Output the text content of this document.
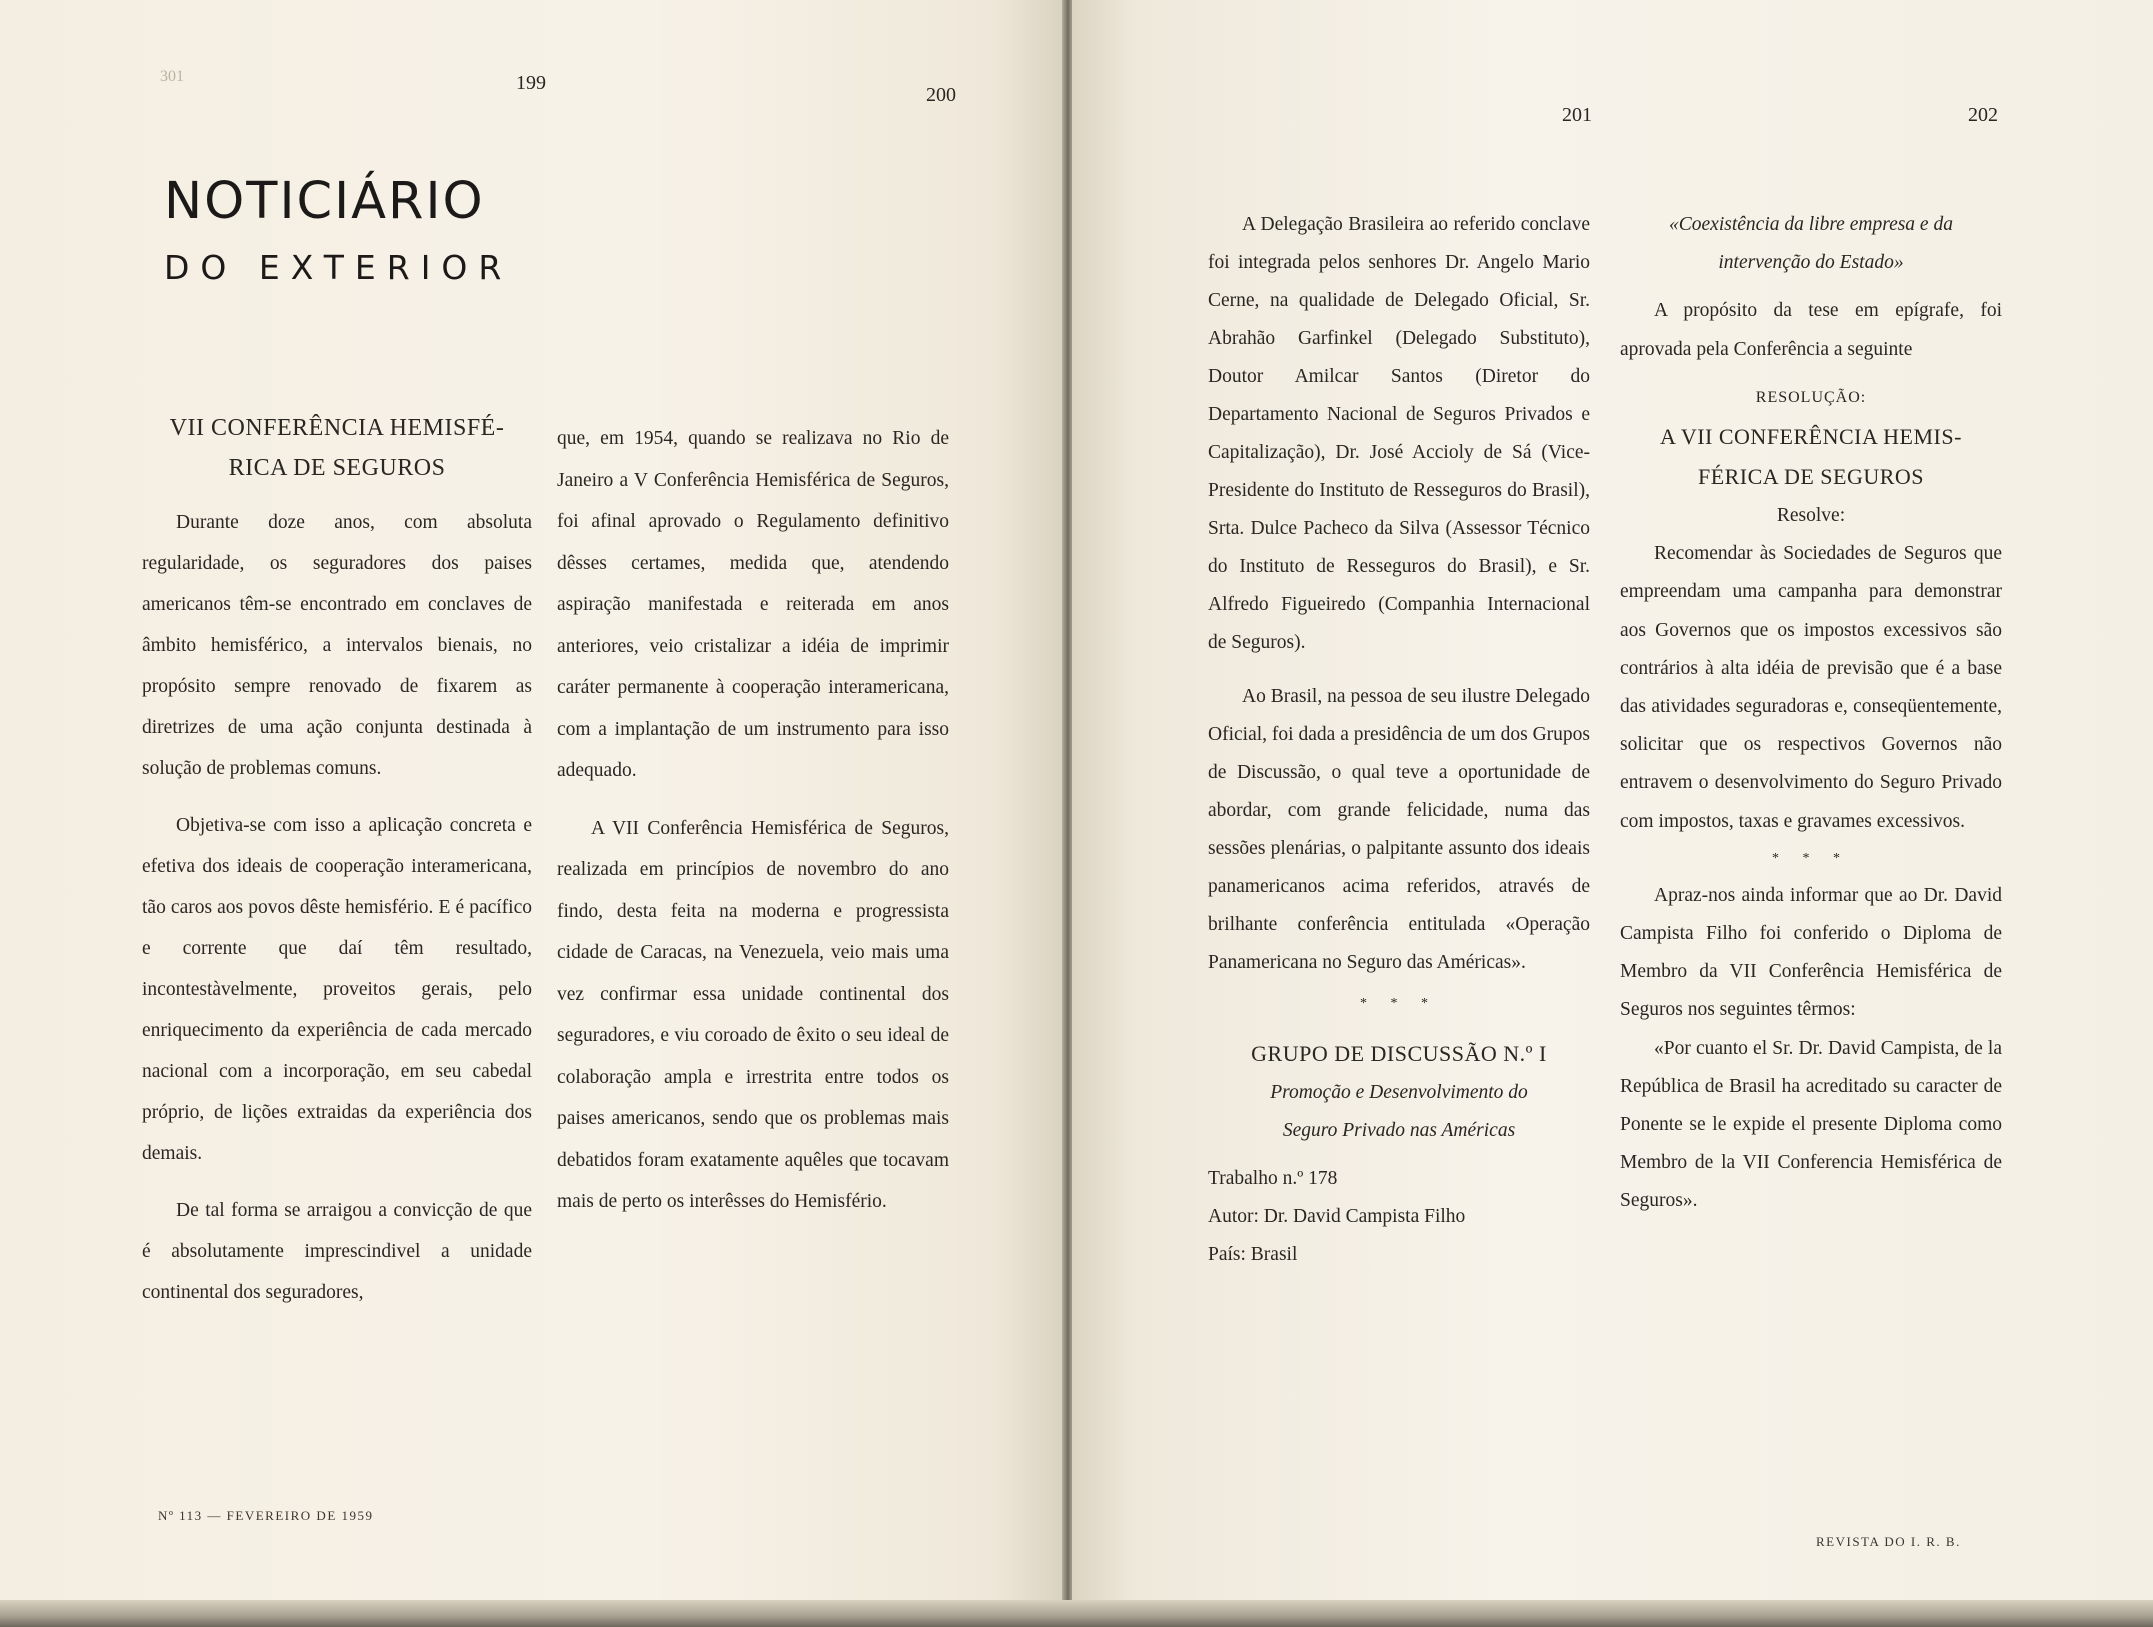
301	199
200
NOTICIÁRIO
DO EXTERIOR
VII CONFERÊNCIA HEMISFÉ-
RICA DE SEGUROS

Durante doze anos, com absoluta regularidade, os seguradores dos paises americanos têm-se encontrado em conclaves de âmbito hemisférico, a intervalos bienais, no propósito sempre renovado de fixarem as diretrizes de uma ação conjunta destinada à solução de problemas comuns.

Objetiva-se com isso a aplicação concreta e efetiva dos ideais de cooperação interamericana, tão caros aos povos dêste hemisfério. E é pacífico e corrente que daí têm resultado, incontestàvelmente, proveitos gerais, pelo enriquecimento da experiência de cada mercado nacional com a incorporação, em seu cabedal próprio, de lições extraidas da experiência dos demais.

De tal forma se arraigou a convicção de que é absolutamente imprescindivel a unidade continental dos seguradores,

que, em 1954, quando se realizava no Rio de Janeiro a V Conferência Hemisférica de Seguros, foi afinal aprovado o Regulamento definitivo dêsses certames, medida que, atendendo aspiração manifestada e reiterada em anos anteriores, veio cristalizar a idéia de imprimir caráter permanente à cooperação interamericana, com a implantação de um instrumento para isso adequado.

A VII Conferência Hemisférica de Seguros, realizada em princípios de novembro do ano findo, desta feita na moderna e progressista cidade de Caracas, na Venezuela, veio mais uma vez confirmar essa unidade continental dos seguradores, e viu coroado de êxito o seu ideal de colaboração ampla e irrestrita entre todos os paises americanos, sendo que os problemas mais debatidos foram exatamente aquêles que tocavam mais de perto os interêsses do Hemisfério.

Nº 113 — FEVEREIRO DE 1959
201	202
REVISTA DO I. R. B.

A Delegação Brasileira ao referido conclave foi integrada pelos senhores Dr. Angelo Mario Cerne, na qualidade de Delegado Oficial, Sr. Abrahão Garfinkel (Delegado Substituto), Doutor Amilcar Santos (Diretor do Departamento Nacional de Seguros Privados e Capitalização), Dr. José Accioly de Sá (Vice-Presidente do Instituto de Resseguros do Brasil), Srta. Dulce Pacheco da Silva (Assessor Técnico do Instituto de Resseguros do Brasil), e Sr. Alfredo Figueiredo (Companhia Internacional de Seguros).

Ao Brasil, na pessoa de seu ilustre Delegado Oficial, foi dada a presidência de um dos Grupos de Discussão, o qual teve a oportunidade de abordar, com grande felicidade, numa das sessões plenárias, o palpitante assunto dos ideais panamericanos acima referidos, através de brilhante conferência entitulada «Operação Panamericana no Seguro das Américas».

* * *
GRUPO DE DISCUSSÃO N.º I
Promoção e Desenvolvimento do
Seguro Privado nas Américas
Trabalho n.º 178
Autor: Dr. David Campista Filho
País: Brasil
«Coexistência da libre empresa e da
intervenção do Estado»

A propósito da tese em epígrafe, foi aprovada pela Conferência a seguinte

RESOLUÇÃO:
A VII CONFERÊNCIA HEMIS-
FÉRICA DE SEGUROS
Resolve:

Recomendar às Sociedades de Seguros que empreendam uma campanha para demonstrar aos Governos que os impostos excessivos são contrários à alta idéia de previsão que é a base das atividades seguradoras e, conseqüentemente, solicitar que os respectivos Governos não entravem o desenvolvimento do Seguro Privado com impostos, taxas e gravames excessivos.

* * *

Apraz-nos ainda informar que ao Dr. David Campista Filho foi conferido o Diploma de Membro da VII Conferência Hemisférica de Seguros nos seguintes têrmos:

«Por cuanto el Sr. Dr. David Campista, de la República de Brasil ha acreditado su caracter de Ponente se le expide el presente Diploma como Membro de la VII Conferencia Hemisférica de Seguros».
